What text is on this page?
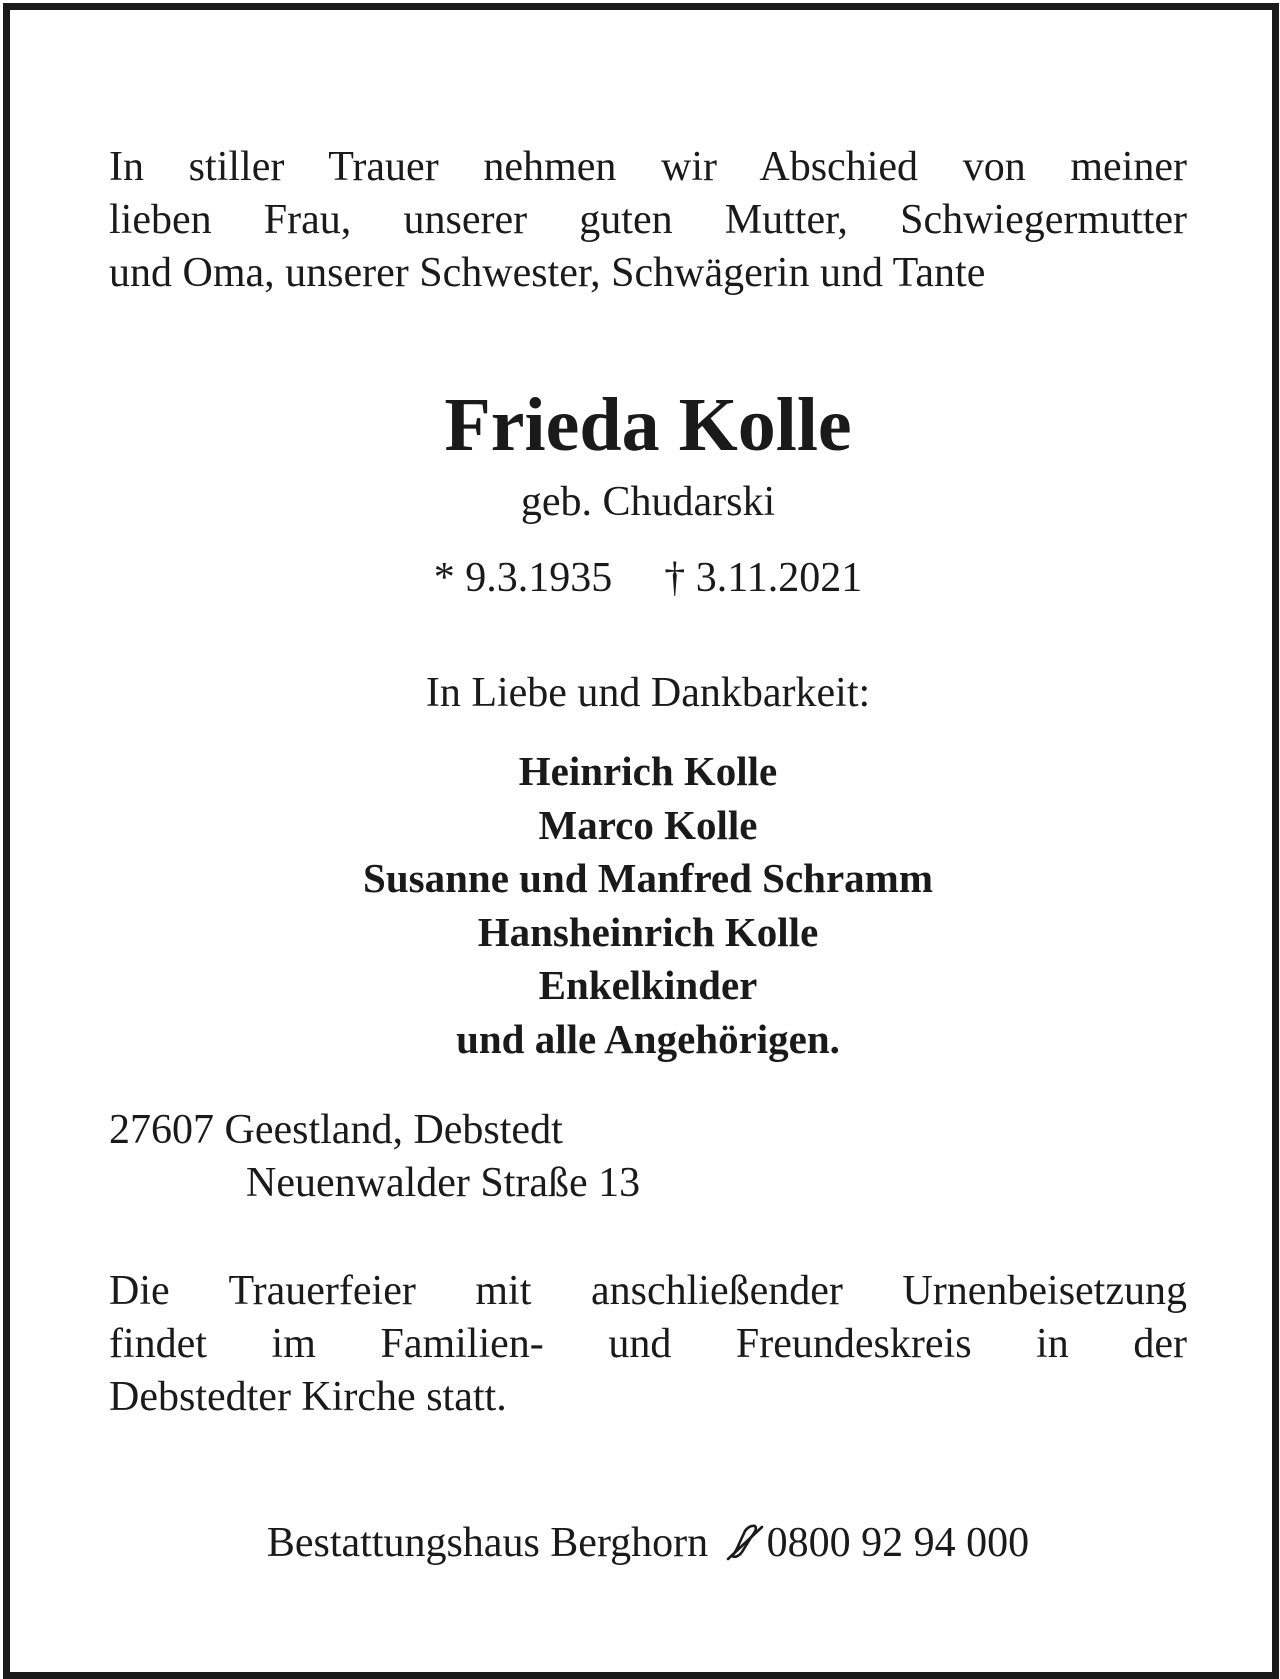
In stiller Trauer nehmen wir Abschied von meiner
lieben Frau, unserer guten Mutter, Schwiegermutter
und Oma, unserer Schwester, Schwägerin und Tante
Frieda Kolle
geb. Chudarski
* 9.3.1935 † 3.11.2021
In Liebe und Dankbarkeit:
Heinrich Kolle
Marco Kolle
Susanne und Manfred Schramm
Hansheinrich Kolle
Enkelkinder
und alle Angehörigen.
27607 Geestland, Debstedt
Neuenwalder Straße 13
Die Trauerfeier mit anschließender Urnenbeisetzung
findet im Familien- und Freundeskreis in der
Debstedter Kirche statt.
Bestattungshaus Berghorn 0800 92 94 000
